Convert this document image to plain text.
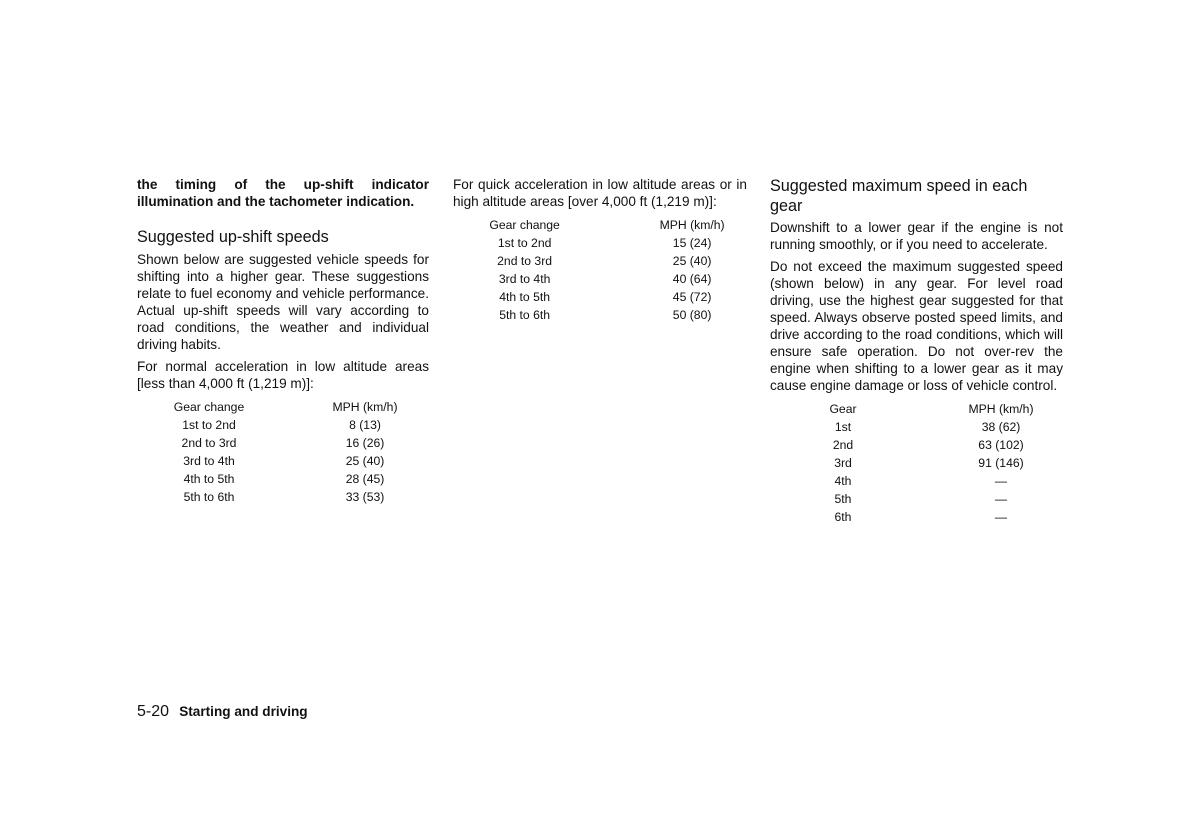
the timing of the up-shift indicator illumination and the tachometer indication.

Suggested up-shift speeds

Shown below are suggested vehicle speeds for shifting into a higher gear. These suggestions relate to fuel economy and vehicle performance. Actual up-shift speeds will vary according to road conditions, the weather and individual driving habits.

For normal acceleration in low altitude areas [less than 4,000 ft (1,219 m)]:

Gear change	MPH (km/h)
1st to 2nd	8 (13)
2nd to 3rd	16 (26)
3rd to 4th	25 (40)
4th to 5th	28 (45)
5th to 6th	33 (53)

For quick acceleration in low altitude areas or in high altitude areas [over 4,000 ft (1,219 m)]:

Gear change	MPH (km/h)
1st to 2nd	15 (24)
2nd to 3rd	25 (40)
3rd to 4th	40 (64)
4th to 5th	45 (72)
5th to 6th	50 (80)
Suggested maximum speed in each gear

Downshift to a lower gear if the engine is not running smoothly, or if you need to accelerate.

Do not exceed the maximum suggested speed (shown below) in any gear. For level road driving, use the highest gear suggested for that speed. Always observe posted speed limits, and drive according to the road conditions, which will ensure safe operation. Do not over-rev the engine when shifting to a lower gear as it may cause engine damage or loss of vehicle control.

Gear	MPH (km/h)
1st	38 (62)
2nd	63 (102)
3rd	91 (146)
4th	—
5th	—
6th	—
5-20 Starting and driving
